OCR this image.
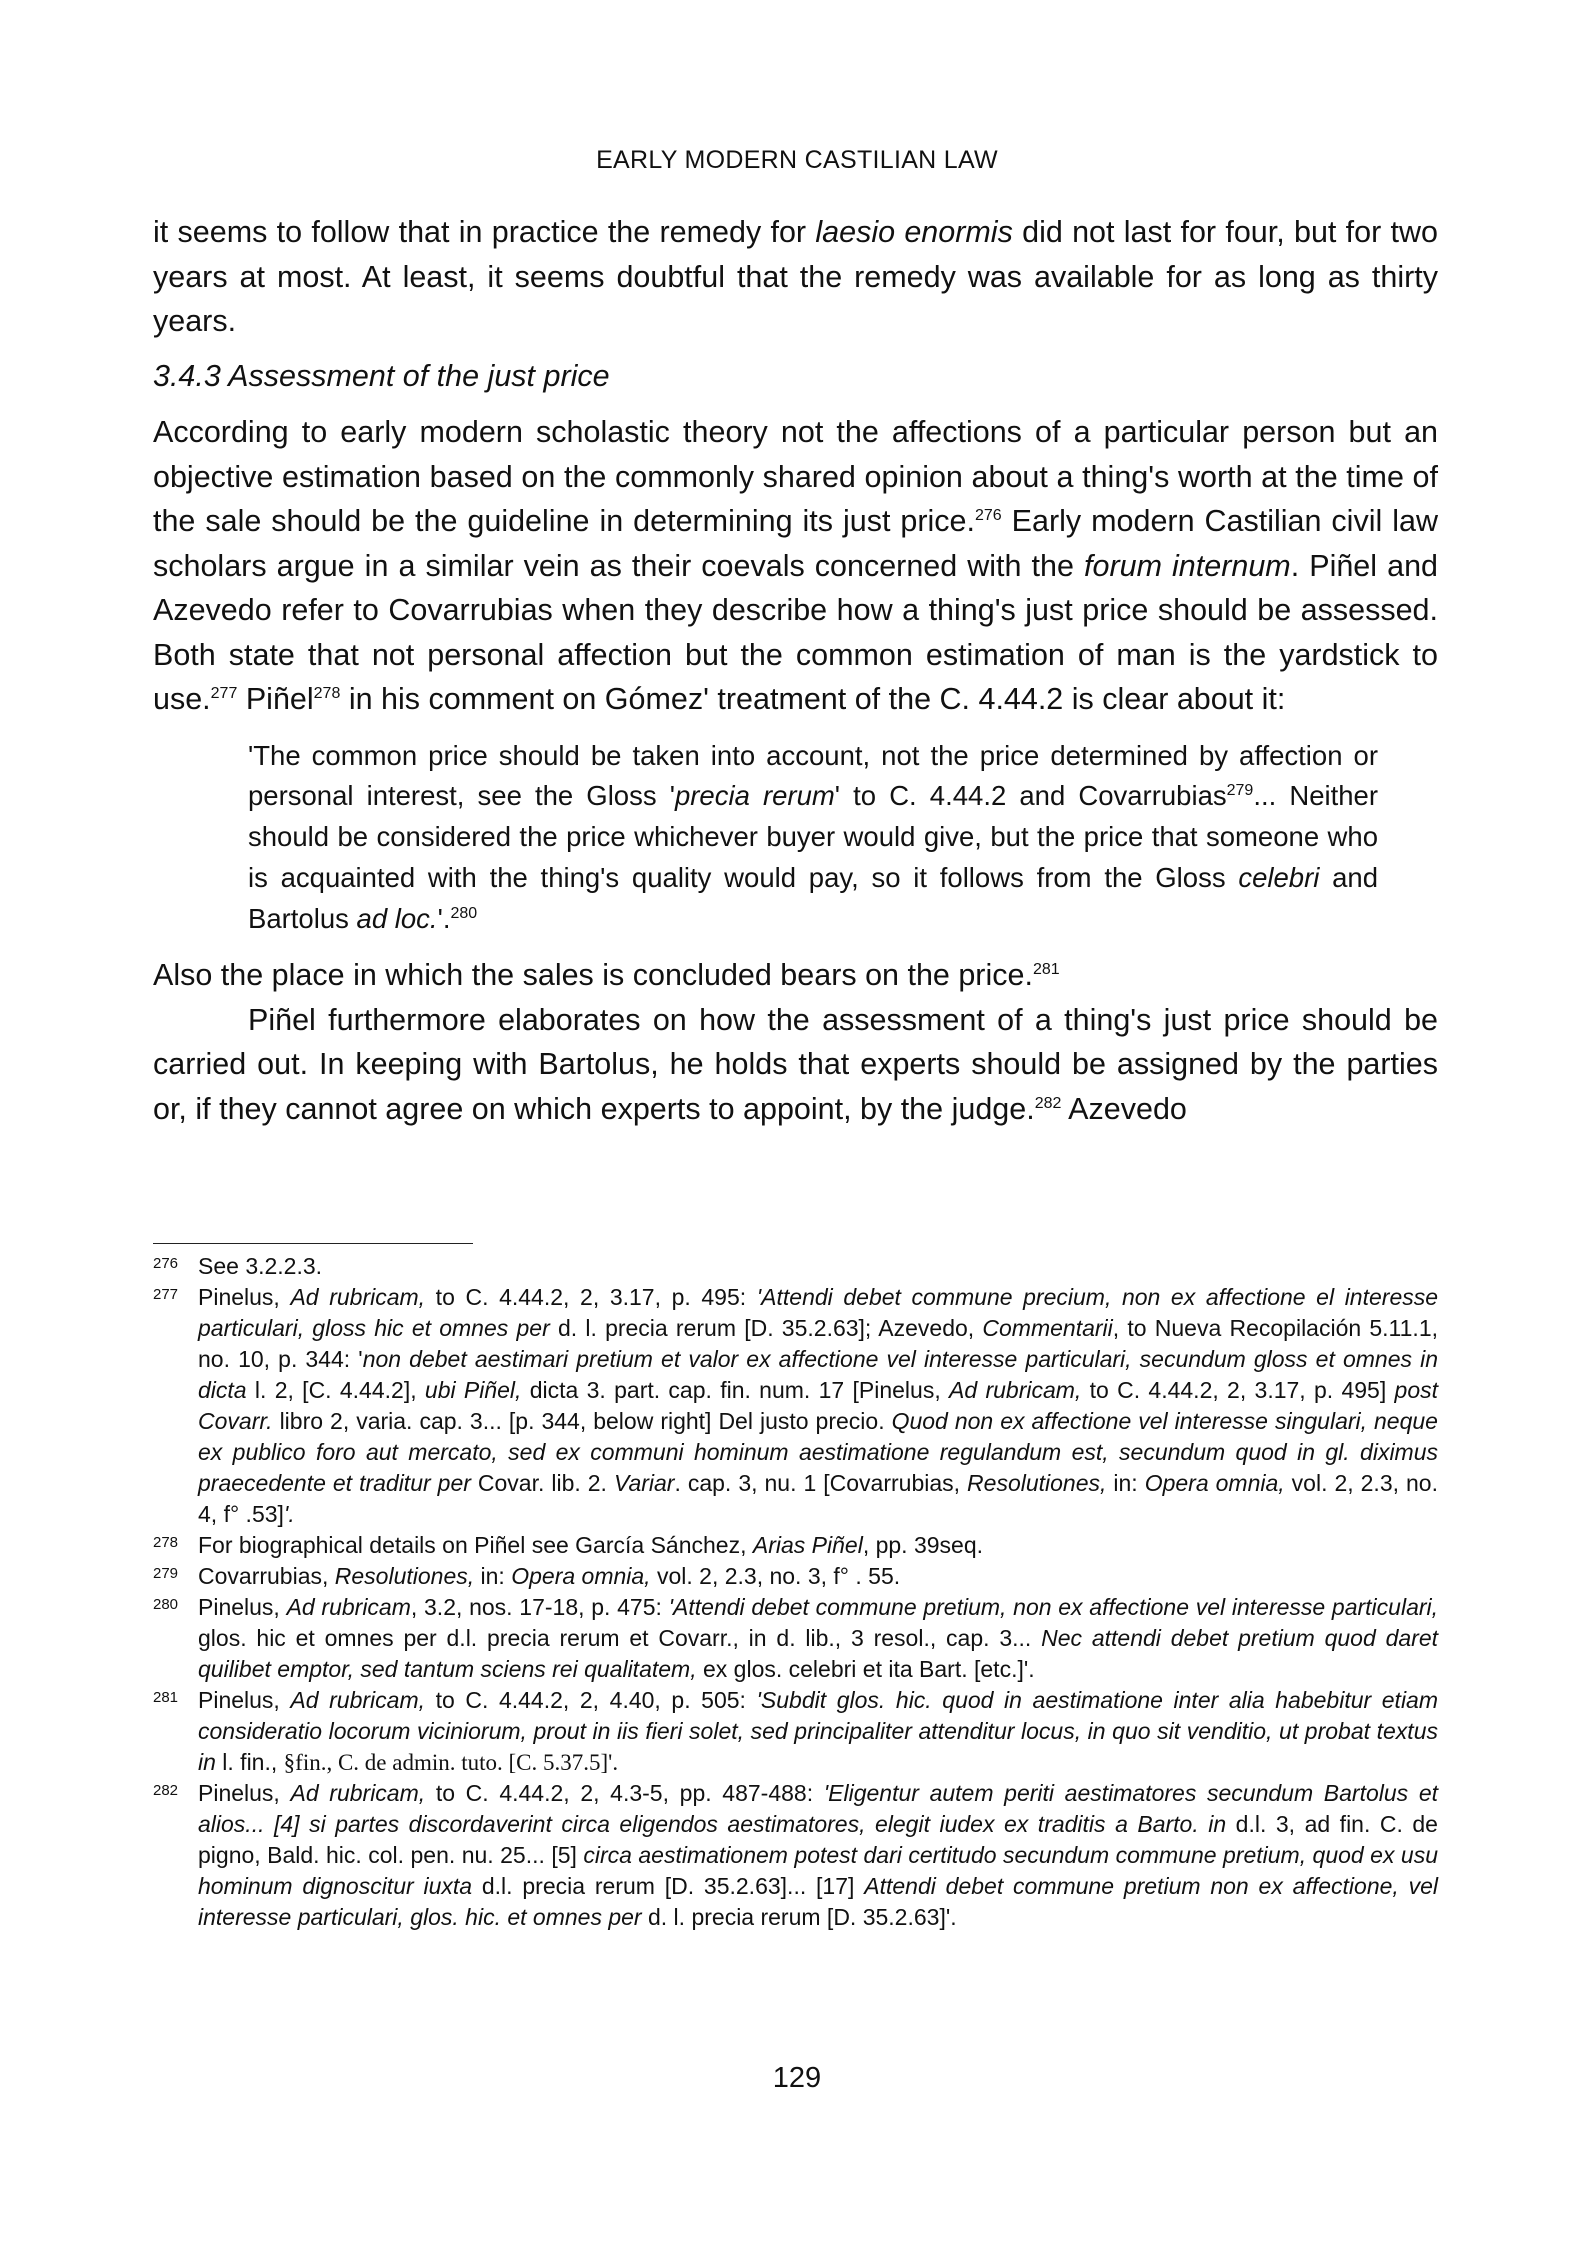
EARLY MODERN CASTILIAN LAW

it seems to follow that in practice the remedy for laesio enormis did not last for four, but for two years at most. At least, it seems doubtful that the remedy was available for as long as thirty years.

3.4.3 Assessment of the just price

According to early modern scholastic theory not the affections of a particular person but an objective estimation based on the commonly shared opinion about a thing's worth at the time of the sale should be the guideline in determining its just price.$^{276}$ Early modern Castilian civil law scholars argue in a similar vein as their coevals concerned with the forum internum. Piñel and Azevedo refer to Covarrubias when they describe how a thing's just price should be assessed. Both state that not personal affection but the common estimation of man is the yardstick to use.$^{277}$ Piñel$^{278}$ in his comment on Gómez' treatment of the C. 4.44.2 is clear about it:

'The common price should be taken into account, not the price determined by affection or personal interest, see the Gloss 'precia rerum' to C. 4.44.2 and Covarrubias$^{279}$... Neither should be considered the price whichever buyer would give, but the price that someone who is acquainted with the thing's quality would pay, so it follows from the Gloss celebri and Bartolus ad loc.'.$^{280}$

Also the place in which the sales is concluded bears on the price.$^{281}$

Piñel furthermore elaborates on how the assessment of a thing's just price should be carried out. In keeping with Bartolus, he holds that experts should be assigned by the parties or, if they cannot agree on which experts to appoint, by the judge.$^{282}$ Azevedo

276 See 3.2.2.3.
277 Pinelus, Ad rubricam, to C. 4.44.2, 2, 3.17, p. 495: 'Attendi debet commune precium, non ex affectione el interesse particulari, gloss hic et omnes per d. l. precia rerum [D. 35.2.63]; Azevedo, Commentarii, to Nueva Recopilación 5.11.1, no. 10, p. 344: 'non debet aestimari pretium et valor ex affectione vel interesse particulari, secundum gloss et omnes in dicta l. 2, [C. 4.44.2], ubi Piñel, dicta 3. part. cap. fin. num. 17 [Pinelus, Ad rubricam, to C. 4.44.2, 2, 3.17, p. 495] post Covarr. libro 2, varia. cap. 3... [p. 344, below right] Del justo precio. Quod non ex affectione vel interesse singulari, neque ex publico foro aut mercato, sed ex communi hominum aestimatione regulandum est, secundum quod in gl. diximus praecedente et traditur per Covar. lib. 2. Variar. cap. 3, nu. 1 [Covarrubias, Resolutiones, in: Opera omnia, vol. 2, 2.3, no. 4, f° .53]'.
278 For biographical details on Piñel see García Sánchez, Arias Piñel, pp. 39seq.
279 Covarrubias, Resolutiones, in: Opera omnia, vol. 2, 2.3, no. 3, f° . 55.
280 Pinelus, Ad rubricam, 3.2, nos. 17-18, p. 475: 'Attendi debet commune pretium, non ex affectione vel interesse particulari, glos. hic et omnes per d.l. precia rerum et Covarr., in d. lib., 3 resol., cap. 3... Nec attendi debet pretium quod daret quilibet emptor, sed tantum sciens rei qualitatem, ex glos. celebri et ita Bart. [etc.]'.
281 Pinelus, Ad rubricam, to C. 4.44.2, 2, 4.40, p. 505: 'Subdit glos. hic. quod in aestimatione inter alia habebitur etiam consideratio locorum viciniorum, prout in iis fieri solet, sed principaliter attenditur locus, in quo sit venditio, ut probat textus in l. fin., §fin., C. de admin. tuto. [C. 5.37.5]'.
282 Pinelus, Ad rubricam, to C. 4.44.2, 2, 4.3-5, pp. 487-488: 'Eligentur autem periti aestimatores secundum Bartolus et alios... [4] si partes discordaverint circa eligendos aestimatores, elegit iudex ex traditis a Barto. in d.l. 3, ad fin. C. de pigno, Bald. hic. col. pen. nu. 25... [5] circa aestimationem potest dari certitudo secundum commune pretium, quod ex usu hominum dignoscitur iuxta d.l. precia rerum [D. 35.2.63]... [17] Attendi debet commune pretium non ex affectione, vel interesse particulari, glos. hic. et omnes per d. l. precia rerum [D. 35.2.63]'.
129
